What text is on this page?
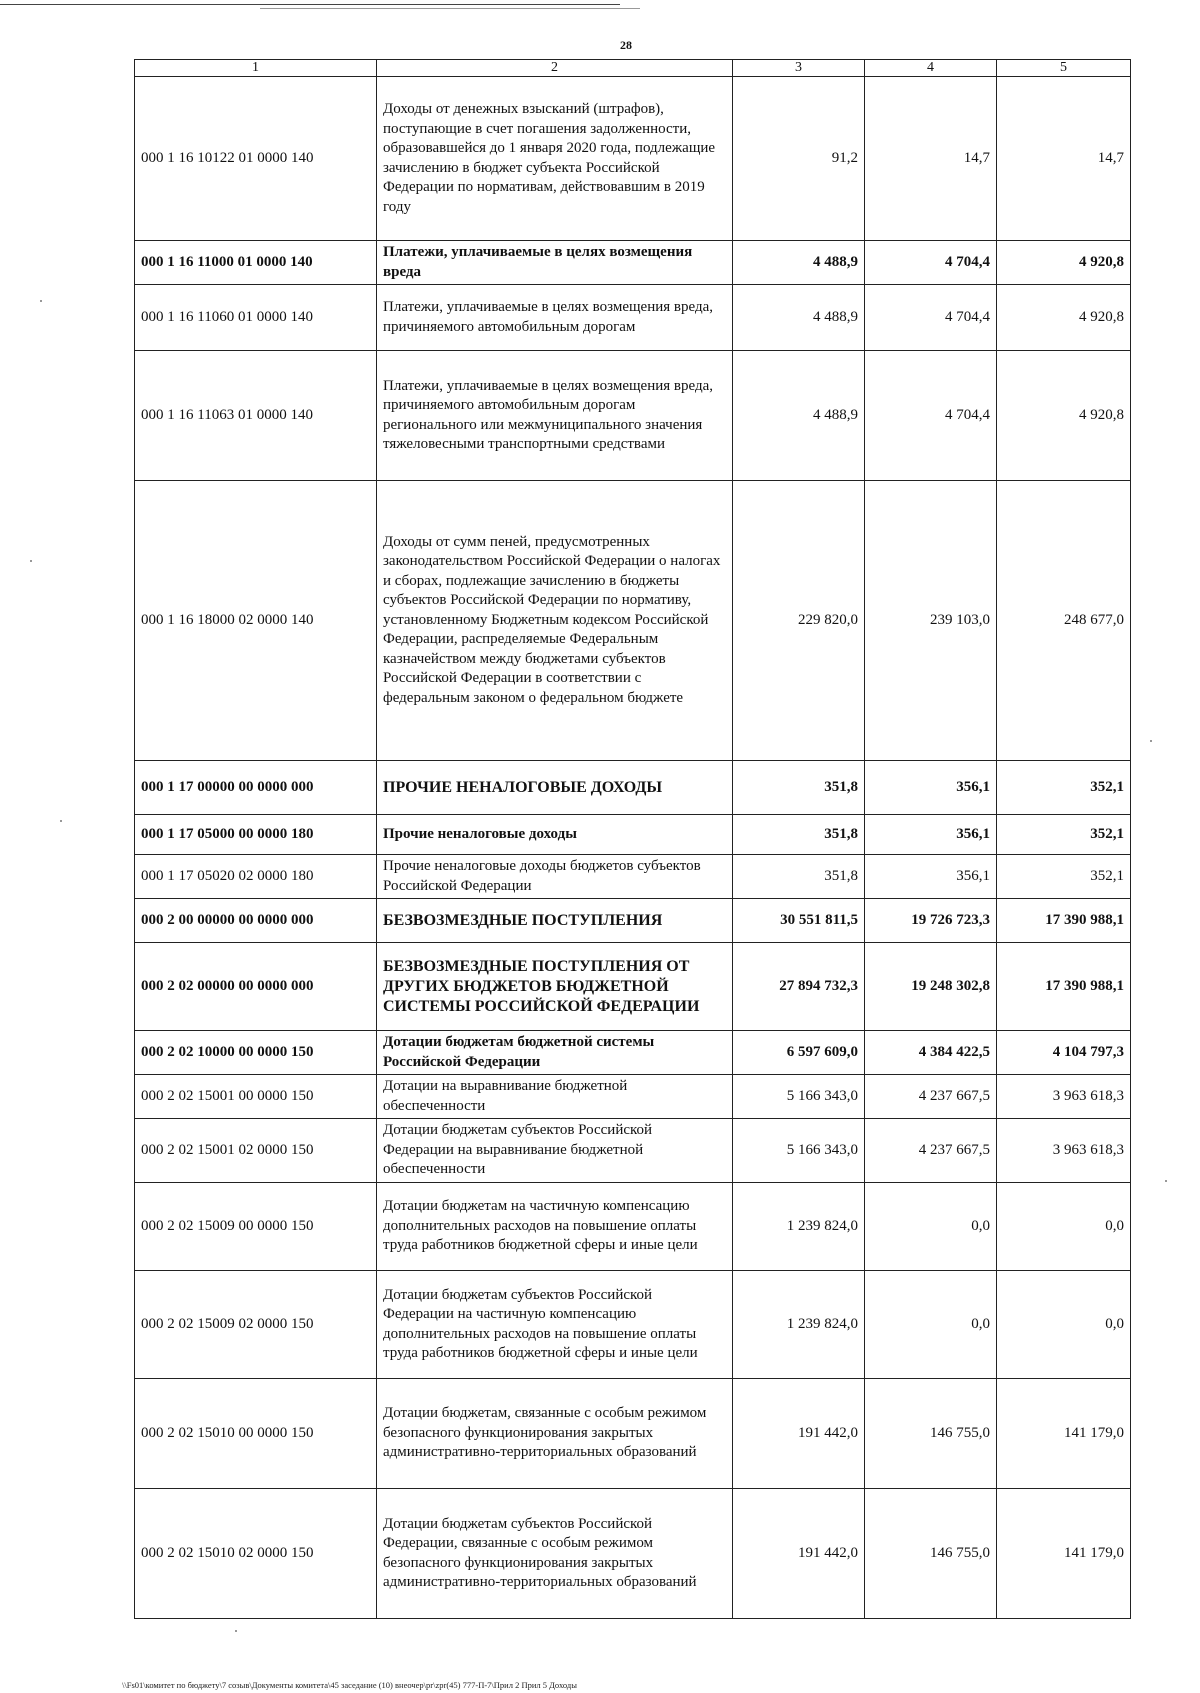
28
1	2	3	4	5
000 1 16 10122 01 0000 140	Доходы от денежных взысканий (штрафов), поступающие в счет погашения задолженности, образовавшейся до 1 января 2020 года, подлежащие зачислению в бюджет субъекта Российской Федерации по нормативам, действовавшим в 2019 году	91,2	14,7	14,7
000 1 16 11000 01 0000 140	Платежи, уплачиваемые в целях возмещения вреда	4 488,9	4 704,4	4 920,8
000 1 16 11060 01 0000 140	Платежи, уплачиваемые в целях возмещения вреда, причиняемого автомобильным дорогам	4 488,9	4 704,4	4 920,8
000 1 16 11063 01 0000 140	Платежи, уплачиваемые в целях возмещения вреда, причиняемого автомобильным дорогам регионального или межмуниципального значения тяжеловесными транспортными средствами	4 488,9	4 704,4	4 920,8
000 1 16 18000 02 0000 140	Доходы от сумм пеней, предусмотренных законодательством Российской Федерации о налогах и сборах, подлежащие зачислению в бюджеты субъектов Российской Федерации по нормативу, установленному Бюджетным кодексом Российской Федерации, распределяемые Федеральным казначейством между бюджетами субъектов Российской Федерации в соответствии с федеральным законом о федеральном бюджете	229 820,0	239 103,0	248 677,0
000 1 17 00000 00 0000 000	ПРОЧИЕ НЕНАЛОГОВЫЕ ДОХОДЫ	351,8	356,1	352,1
000 1 17 05000 00 0000 180	Прочие неналоговые доходы	351,8	356,1	352,1
000 1 17 05020 02 0000 180	Прочие неналоговые доходы бюджетов субъектов Российской Федерации	351,8	356,1	352,1
000 2 00 00000 00 0000 000	БЕЗВОЗМЕЗДНЫЕ ПОСТУПЛЕНИЯ	30 551 811,5	19 726 723,3	17 390 988,1
000 2 02 00000 00 0000 000	БЕЗВОЗМЕЗДНЫЕ ПОСТУПЛЕНИЯ ОТ ДРУГИХ БЮДЖЕТОВ БЮДЖЕТНОЙ СИСТЕМЫ РОССИЙСКОЙ ФЕДЕРАЦИИ	27 894 732,3	19 248 302,8	17 390 988,1
000 2 02 10000 00 0000 150	Дотации бюджетам бюджетной системы Российской Федерации	6 597 609,0	4 384 422,5	4 104 797,3
000 2 02 15001 00 0000 150	Дотации на выравнивание бюджетной обеспеченности	5 166 343,0	4 237 667,5	3 963 618,3
000 2 02 15001 02 0000 150	Дотации бюджетам субъектов Российской Федерации на выравнивание бюджетной обеспеченности	5 166 343,0	4 237 667,5	3 963 618,3
000 2 02 15009 00 0000 150	Дотации бюджетам на частичную компенсацию дополнительных расходов на повышение оплаты труда работников бюджетной сферы и иные цели	1 239 824,0	0,0	0,0
000 2 02 15009 02 0000 150	Дотации бюджетам субъектов Российской Федерации на частичную компенсацию дополнительных расходов на повышение оплаты труда работников бюджетной сферы и иные цели	1 239 824,0	0,0	0,0
000 2 02 15010 00 0000 150	Дотации бюджетам, связанные с особым режимом безопасного функционирования закрытых административно-территориальных образований	191 442,0	146 755,0	141 179,0
000 2 02 15010 02 0000 150	Дотации бюджетам субъектов Российской Федерации, связанные с особым режимом безопасного функционирования закрытых административно-территориальных образований	191 442,0	146 755,0	141 179,0
\\Fs01\комитет по бюджету\7 созыв\Документы комитета\45 заседание (10) внеочер\pr\zpr(45) 777-П-7\Прил 2 Прил 5 Доходы
